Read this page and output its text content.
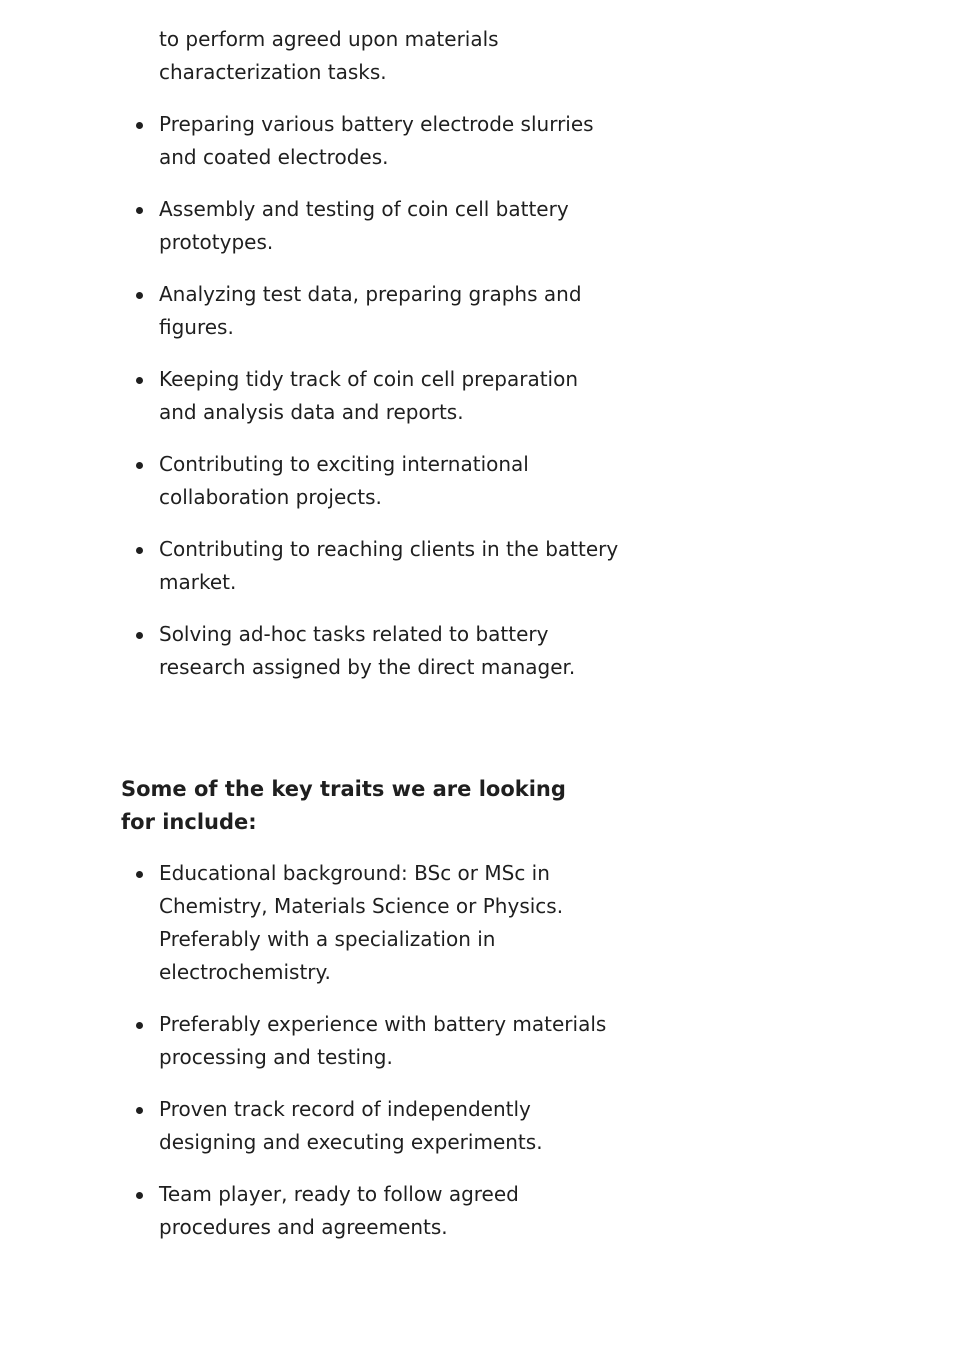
to perform agreed upon materials characterization tasks.

Preparing various battery electrode slurries and coated electrodes.
Assembly and testing of coin cell battery prototypes.
Analyzing test data, preparing graphs and figures.
Keeping tidy track of coin cell preparation and analysis data and reports.
Contributing to exciting international collaboration projects.
Contributing to reaching clients in the battery market.
Solving ad-hoc tasks related to battery research assigned by the direct manager.
Some of the key traits we are looking for include:
Educational background: BSc or MSc in Chemistry, Materials Science or Physics. Preferably with a specialization in electrochemistry.
Preferably experience with battery materials processing and testing.
Proven track record of independently designing and executing experiments.
Team player, ready to follow agreed procedures and agreements.
